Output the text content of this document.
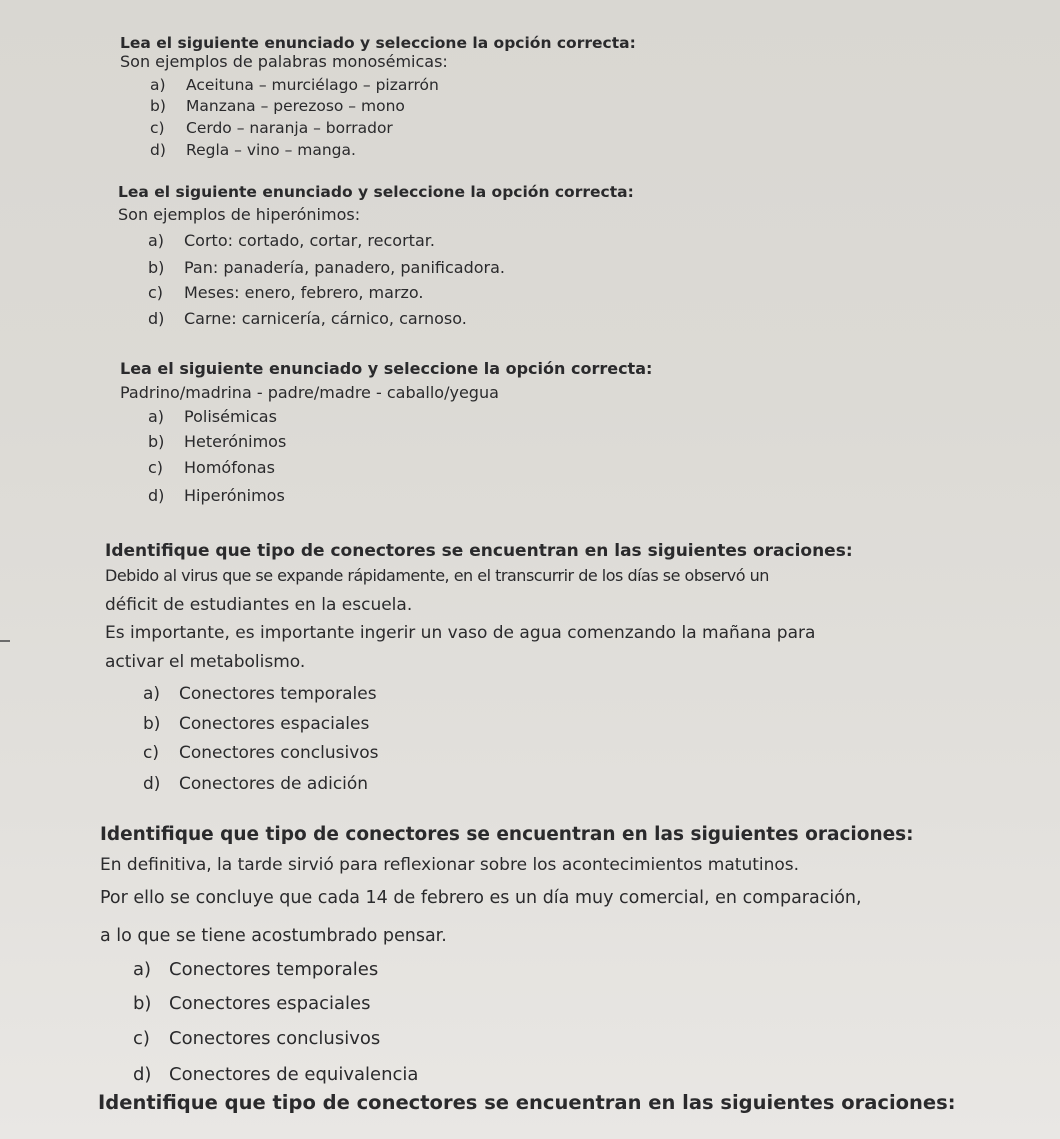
Lea el siguiente enunciado y seleccione la opción correcta:

Son ejemplos de palabras monosémicas:

a) Aceituna – murciélago – pizarrón

b) Manzana – perezoso – mono

c) Cerdo – naranja – borrador

d) Regla – vino – manga.

Lea el siguiente enunciado y seleccione la opción correcta:

Son ejemplos de hiperónimos:

a) Corto: cortado, cortar, recortar.

b) Pan: panadería, panadero, panificadora.

c) Meses: enero, febrero, marzo.

d) Carne: carnicería, cárnico, carnoso.

Lea el siguiente enunciado y seleccione la opción correcta:

Padrino/madrina - padre/madre - caballo/yegua

a) Polisémicas

b) Heterónimos

c) Homófonas

d) Hiperónimos

Identifique que tipo de conectores se encuentran en las siguientes oraciones:

Debido al virus que se expande rápidamente, en el transcurrir de los días se observó un

déficit de estudiantes en la escuela.

Es importante, es importante ingerir un vaso de agua comenzando la mañana para

activar el metabolismo.

a) Conectores temporales

b) Conectores espaciales

c) Conectores conclusivos

d) Conectores de adición

Identifique que tipo de conectores se encuentran en las siguientes oraciones:

En definitiva, la tarde sirvió para reflexionar sobre los acontecimientos matutinos.

Por ello se concluye que cada 14 de febrero es un día muy comercial, en comparación,

a lo que se tiene acostumbrado pensar.

a) Conectores temporales

b) Conectores espaciales

c) Conectores conclusivos

d) Conectores de equivalencia

Identifique que tipo de conectores se encuentran en las siguientes oraciones:
